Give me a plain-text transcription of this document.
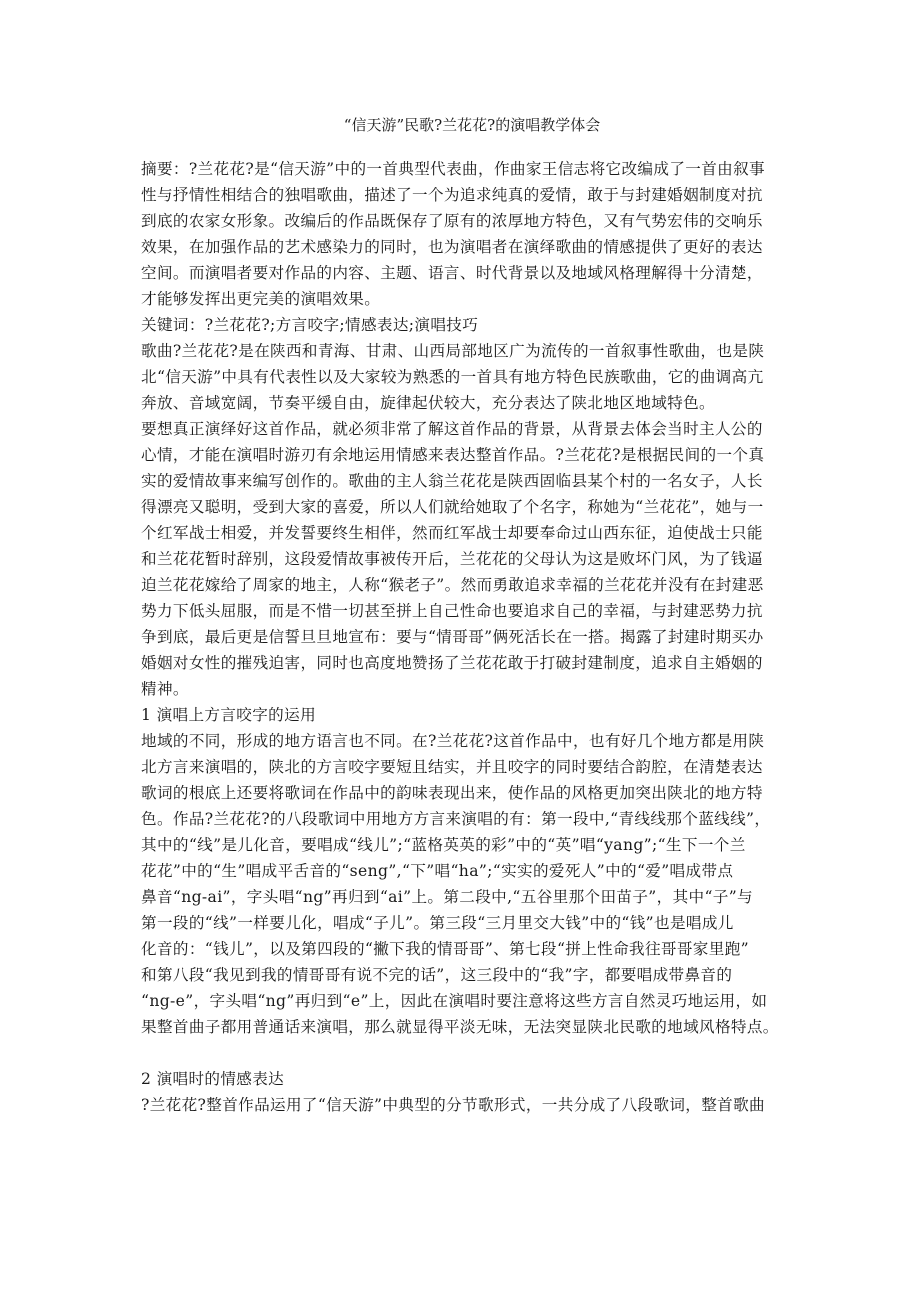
“信天游”民歌?兰花花?的演唱教学体会
摘要：?兰花花?是“信天游”中的一首典型代表曲，作曲家王信志将它改编成了一首由叙事
性与抒情性相结合的独唱歌曲，描述了一个为追求纯真的爱情，敢于与封建婚姻制度对抗
到底的农家女形象。改编后的作品既保存了原有的浓厚地方特色，又有气势宏伟的交响乐
效果，在加强作品的艺术感染力的同时，也为演唱者在演绎歌曲的情感提供了更好的表达
空间。而演唱者要对作品的内容、主题、语言、时代背景以及地域风格理解得十分清楚，
才能够发挥出更完美的演唱效果。
关键词：?兰花花?;方言咬字;情感表达;演唱技巧
歌曲?兰花花?是在陕西和青海、甘肃、山西局部地区广为流传的一首叙事性歌曲，也是陕
北“信天游”中具有代表性以及大家较为熟悉的一首具有地方特色民族歌曲，它的曲调高亢
奔放、音域宽阔，节奏平缓自由，旋律起伏较大，充分表达了陕北地区地域特色。
要想真正演绎好这首作品，就必须非常了解这首作品的背景，从背景去体会当时主人公的
心情，才能在演唱时游刃有余地运用情感来表达整首作品。?兰花花?是根据民间的一个真
实的爱情故事来编写创作的。歌曲的主人翁兰花花是陕西固临县某个村的一名女子，人长
得漂亮又聪明，受到大家的喜爱，所以人们就给她取了个名字，称她为“兰花花”，她与一
个红军战士相爱，并发誓要终生相伴，然而红军战士却要奉命过山西东征，迫使战士只能
和兰花花暂时辞别，这段爱情故事被传开后，兰花花的父母认为这是败坏门风，为了钱逼
迫兰花花嫁给了周家的地主，人称“猴老子”。然而勇敢追求幸福的兰花花并没有在封建恶
势力下低头屈服，而是不惜一切甚至拼上自己性命也要追求自己的幸福，与封建恶势力抗
争到底，最后更是信誓旦旦地宣布：要与“情哥哥”俩死活长在一搭。揭露了封建时期买办
婚姻对女性的摧残迫害，同时也高度地赞扬了兰花花敢于打破封建制度，追求自主婚姻的
精神。
1 演唱上方言咬字的运用
地域的不同，形成的地方语言也不同。在?兰花花?这首作品中，也有好几个地方都是用陕
北方言来演唱的，陕北的方言咬字要短且结实，并且咬字的同时要结合韵腔，在清楚表达
歌词的根底上还要将歌词在作品中的韵味表现出来，使作品的风格更加突出陕北的地方特
色。作品?兰花花?的八段歌词中用地方方言来演唱的有：第一段中,“青线线那个蓝线线”，
其中的“线”是儿化音，要唱成“线儿”;“蓝格英英的彩”中的“英”唱“yang”;“生下一个兰
花花”中的“生”唱成平舌音的“seng”,“下”唱“ha”;“实实的爱死人”中的“爱”唱成带点
鼻音“ng-ai”，字头唱“ng”再归到“ai”上。第二段中,“五谷里那个田苗子”，其中“子”与
第一段的“线”一样要儿化，唱成“子儿”。第三段“三月里交大钱”中的“钱”也是唱成儿
化音的：“钱儿”，以及第四段的“撇下我的情哥哥”、第七段“拼上性命我往哥哥家里跑”
和第八段“我见到我的情哥哥有说不完的话”，这三段中的“我”字，都要唱成带鼻音的
“ng-e”，字头唱“ng”再归到“e”上，因此在演唱时要注意将这些方言自然灵巧地运用，如
果整首曲子都用普通话来演唱，那么就显得平淡无味，无法突显陕北民歌的地域风格特点。
2 演唱时的情感表达
?兰花花?整首作品运用了“信天游”中典型的分节歌形式，一共分成了八段歌词，整首歌曲
